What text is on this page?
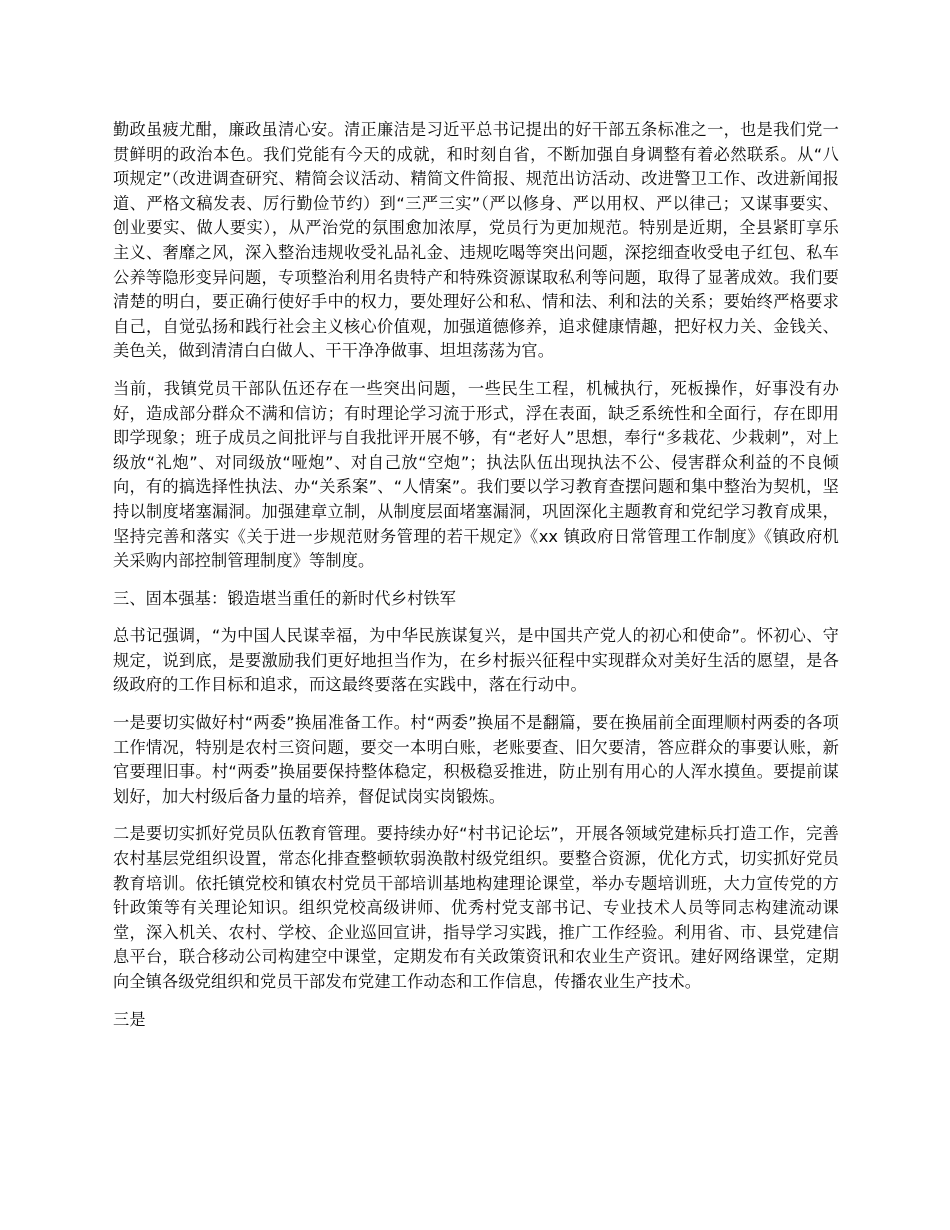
勤政虽疲尤酣，廉政虽清心安。清正廉洁是习近平总书记提出的好干部五条标准之一，也是我们党一贯鲜明的政治本色。我们党能有今天的成就，和时刻自省，不断加强自身调整有着必然联系。从“八项规定”（改进调查研究、精简会议活动、精简文件简报、规范出访活动、改进警卫工作、改进新闻报道、严格文稿发表、厉行勤俭节约）到“三严三实”（严以修身、严以用权、严以律己；又谋事要实、创业要实、做人要实），从严治党的氛围愈加浓厚，党员行为更加规范。特别是近期，全县紧盯享乐主义、奢靡之风，深入整治违规收受礼品礼金、违规吃喝等突出问题，深挖细查收受电子红包、私车公养等隐形变异问题，专项整治利用名贵特产和特殊资源谋取私利等问题，取得了显著成效。我们要清楚的明白，要正确行使好手中的权力，要处理好公和私、情和法、利和法的关系；要始终严格要求自己，自觉弘扬和践行社会主义核心价值观，加强道德修养，追求健康情趣，把好权力关、金钱关、美色关，做到清清白白做人、干干净净做事、坦坦荡荡为官。

当前，我镇党员干部队伍还存在一些突出问题，一些民生工程，机械执行，死板操作，好事没有办好，造成部分群众不满和信访；有时理论学习流于形式，浮在表面，缺乏系统性和全面行，存在即用即学现象；班子成员之间批评与自我批评开展不够，有“老好人”思想，奉行“多栽花、少栽刺”，对上级放“礼炮”、对同级放“哑炮”、对自己放“空炮”；执法队伍出现执法不公、侵害群众利益的不良倾向，有的搞选择性执法、办“关系案”、“人情案”。我们要以学习教育查摆问题和集中整治为契机，坚持以制度堵塞漏洞。加强建章立制，从制度层面堵塞漏洞，巩固深化主题教育和党纪学习教育成果，坚持完善和落实《关于进一步规范财务管理的若干规定》《xx 镇政府日常管理工作制度》《镇政府机关采购内部控制管理制度》等制度。

三、固本强基：锻造堪当重任的新时代乡村铁军

总书记强调，“为中国人民谋幸福，为中华民族谋复兴，是中国共产党人的初心和使命”。怀初心、守规定，说到底，是要激励我们更好地担当作为，在乡村振兴征程中实现群众对美好生活的愿望，是各级政府的工作目标和追求，而这最终要落在实践中，落在行动中。

一是要切实做好村“两委”换届准备工作。村“两委”换届不是翻篇，要在换届前全面理顺村两委的各项工作情况，特别是农村三资问题，要交一本明白账，老账要查、旧欠要清，答应群众的事要认账，新官要理旧事。村“两委”换届要保持整体稳定，积极稳妥推进，防止别有用心的人浑水摸鱼。要提前谋划好，加大村级后备力量的培养，督促试岗实岗锻炼。

二是要切实抓好党员队伍教育管理。要持续办好“村书记论坛”，开展各领域党建标兵打造工作，完善农村基层党组织设置，常态化排查整顿软弱涣散村级党组织。要整合资源，优化方式，切实抓好党员教育培训。依托镇党校和镇农村党员干部培训基地构建理论课堂，举办专题培训班，大力宣传党的方针政策等有关理论知识。组织党校高级讲师、优秀村党支部书记、专业技术人员等同志构建流动课堂，深入机关、农村、学校、企业巡回宣讲，指导学习实践，推广工作经验。利用省、市、县党建信息平台，联合移动公司构建空中课堂，定期发布有关政策资讯和农业生产资讯。建好网络课堂，定期向全镇各级党组织和党员干部发布党建工作动态和工作信息，传播农业生产技术。

三是
